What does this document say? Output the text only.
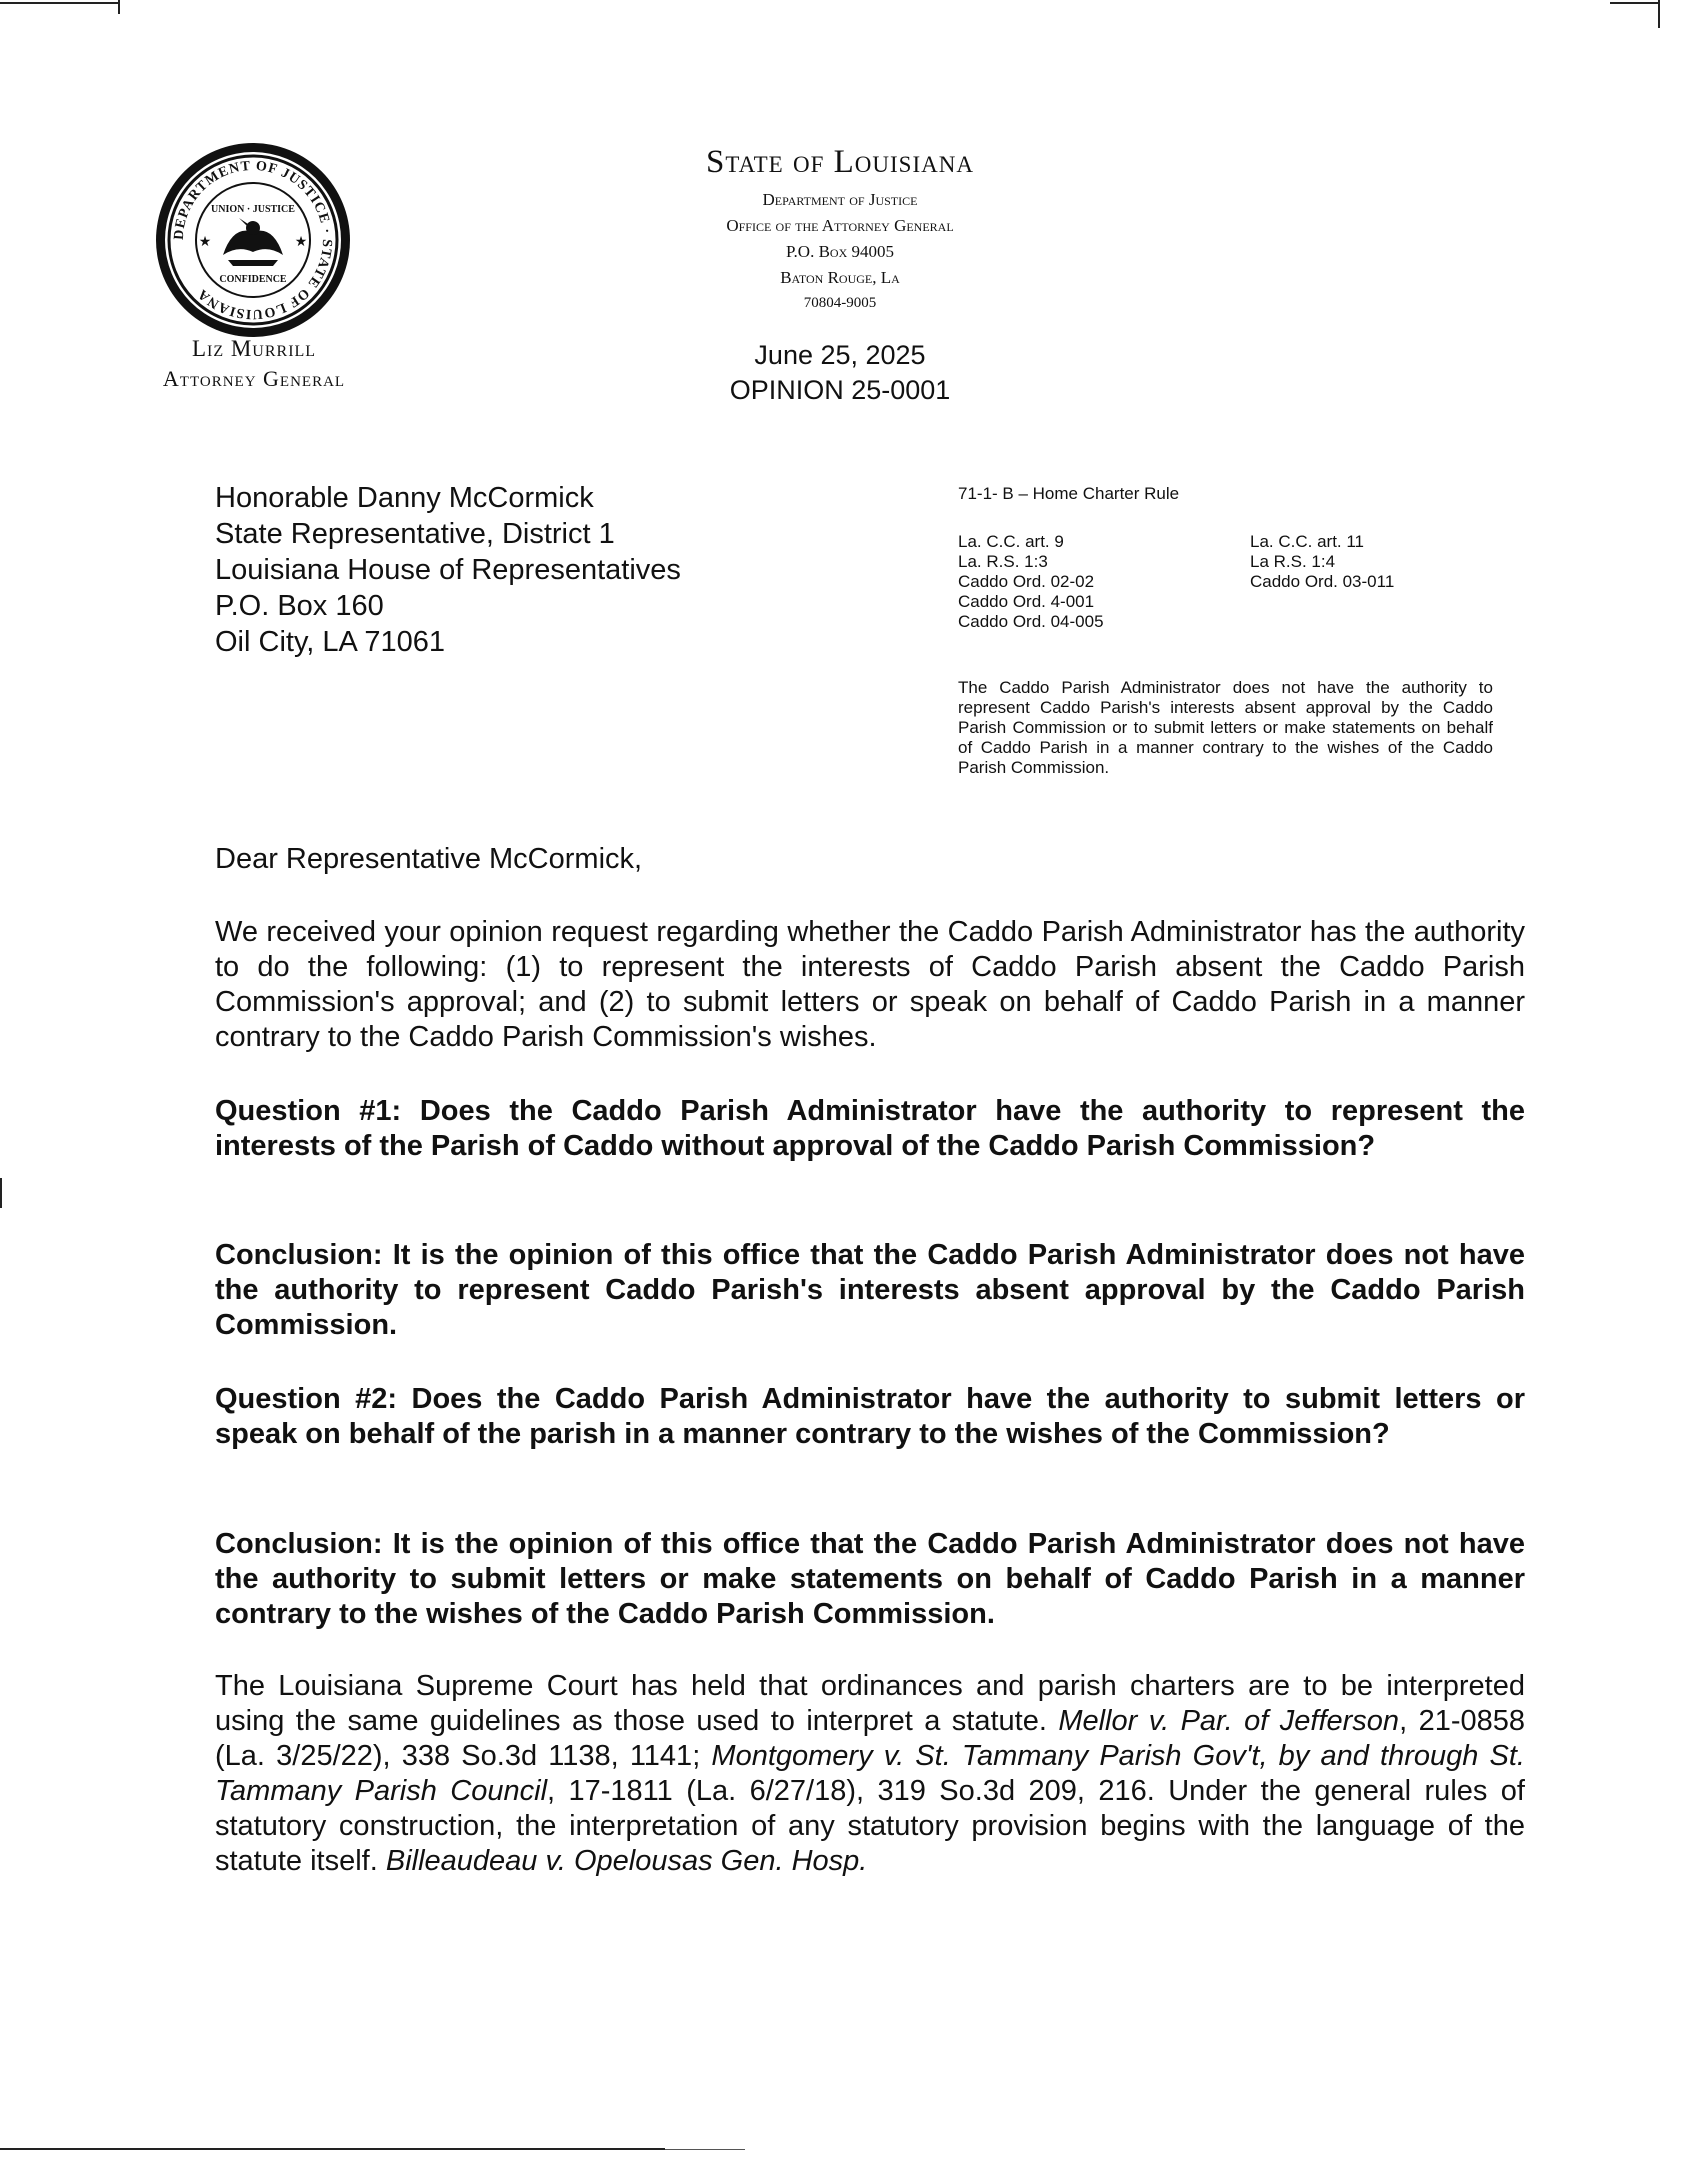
DEPARTMENT OF JUSTICE · STATE OF LOUISIANA
UNION · JUSTICE
CONFIDENCE
★	★
Liz Murrill
Attorney General
State of Louisiana
Department of Justice
Office of the Attorney General
P.O. Box 94005
Baton Rouge, La
70804-9005
June 25, 2025
OPINION 25-0001
Honorable Danny McCormick
State Representative, District 1
Louisiana House of Representatives
P.O. Box 160
Oil City, LA 71061
71-1- B – Home Charter Rule
La. C.C. art. 9
La. R.S. 1:3
Caddo Ord. 02-02
Caddo Ord. 4-001
Caddo Ord. 04-005
La. C.C. art. 11
La R.S. 1:4
Caddo Ord. 03-011
The Caddo Parish Administrator does not have the authority to represent Caddo Parish's interests absent approval by the Caddo Parish Commission or to submit letters or make statements on behalf of Caddo Parish in a manner contrary to the wishes of the Caddo Parish Commission.
Dear Representative McCormick,
We received your opinion request regarding whether the Caddo Parish Administrator has the authority to do the following: (1) to represent the interests of Caddo Parish absent the Caddo Parish Commission's approval; and (2) to submit letters or speak on behalf of Caddo Parish in a manner contrary to the Caddo Parish Commission's wishes.
Question #1: Does the Caddo Parish Administrator have the authority to represent the interests of the Parish of Caddo without approval of the Caddo Parish Commission?
Conclusion: It is the opinion of this office that the Caddo Parish Administrator does not have the authority to represent Caddo Parish's interests absent approval by the Caddo Parish Commission.
Question #2: Does the Caddo Parish Administrator have the authority to submit letters or speak on behalf of the parish in a manner contrary to the wishes of the Commission?
Conclusion: It is the opinion of this office that the Caddo Parish Administrator does not have the authority to submit letters or make statements on behalf of Caddo Parish in a manner contrary to the wishes of the Caddo Parish Commission.
The Louisiana Supreme Court has held that ordinances and parish charters are to be interpreted using the same guidelines as those used to interpret a statute. Mellor v. Par. of Jefferson, 21-0858 (La. 3/25/22), 338 So.3d 1138, 1141; Montgomery v. St. Tammany Parish Gov't, by and through St. Tammany Parish Council, 17-1811 (La. 6/27/18), 319 So.3d 209, 216. Under the general rules of statutory construction, the interpretation of any statutory provision begins with the language of the statute itself. Billeaudeau v. Opelousas Gen. Hosp.
